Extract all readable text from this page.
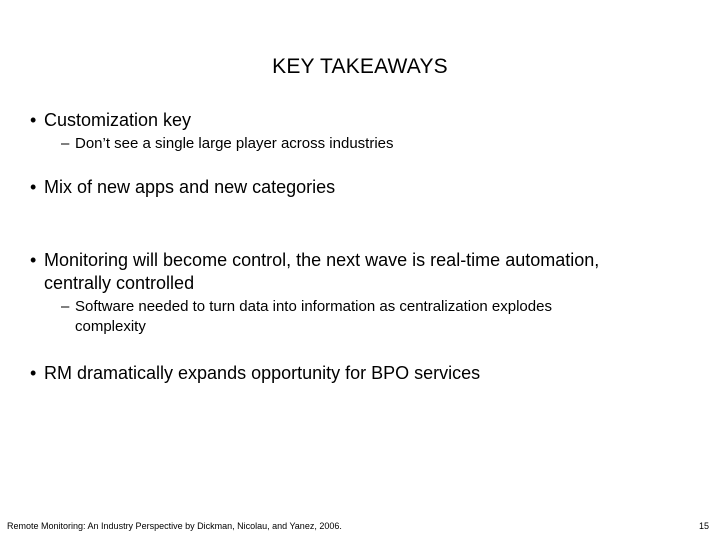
KEY TAKEAWAYS
• Customization key
– Don’t see a single large player across industries
• Mix of new apps and new categories
• Monitoring will become control, the next wave is real-time automation,
centrally controlled
– Software needed to turn data into information as centralization explodes
complexity
• RM dramatically expands opportunity for BPO services
Remote Monitoring: An Industry Perspective by Dickman, Nicolau, and Yanez, 2006.	15
